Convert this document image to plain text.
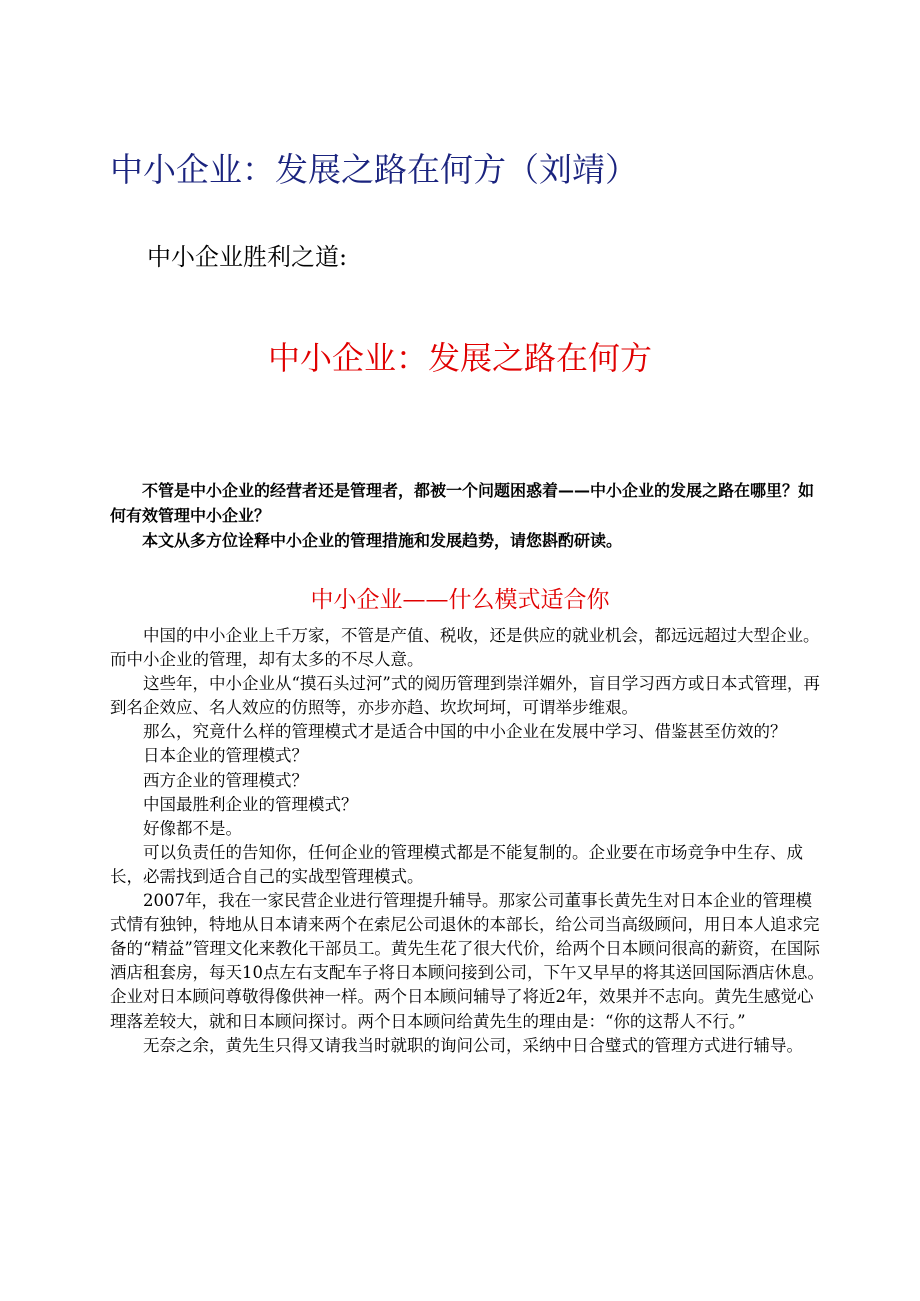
中小企业：发展之路在何方（刘靖）
中小企业胜利之道:
中小企业：发展之路在何方

不管是中小企业的经营者还是管理者，都被一个问题困惑着——中小企业的发展之路在哪里？如何有效管理中小企业？

本文从多方位诠释中小企业的管理措施和发展趋势，请您斟酌研读。

中小企业——什么模式适合你

中国的中小企业上千万家，不管是产值、税收，还是供应的就业机会，都远远超过大型企业。而中小企业的管理，却有太多的不尽人意。

这些年，中小企业从“摸石头过河”式的阅历管理到崇洋媚外，盲目学习西方或日本式管理，再到名企效应、名人效应的仿照等，亦步亦趋、坎坎坷坷，可谓举步维艰。

那么，究竟什么样的管理模式才是适合中国的中小企业在发展中学习、借鉴甚至仿效的？

日本企业的管理模式？

西方企业的管理模式？

中国最胜利企业的管理模式？

好像都不是。

可以负责任的告知你，任何企业的管理模式都是不能复制的。企业要在市场竞争中生存、成长，必需找到适合自己的实战型管理模式。

2007年，我在一家民营企业进行管理提升辅导。那家公司董事长黄先生对日本企业的管理模式情有独钟，特地从日本请来两个在索尼公司退休的本部长，给公司当高级顾问，用日本人追求完备的“精益”管理文化来教化干部员工。黄先生花了很大代价，给两个日本顾问很高的薪资，在国际酒店租套房，每天10点左右支配车子将日本顾问接到公司，下午又早早的将其送回国际酒店休息。企业对日本顾问尊敬得像供神一样。两个日本顾问辅导了将近2年，效果并不志向。黄先生感觉心理落差较大，就和日本顾问探讨。两个日本顾问给黄先生的理由是：“你的这帮人不行。”

无奈之余，黄先生只得又请我当时就职的询问公司，采纳中日合璧式的管理方式进行辅导。
